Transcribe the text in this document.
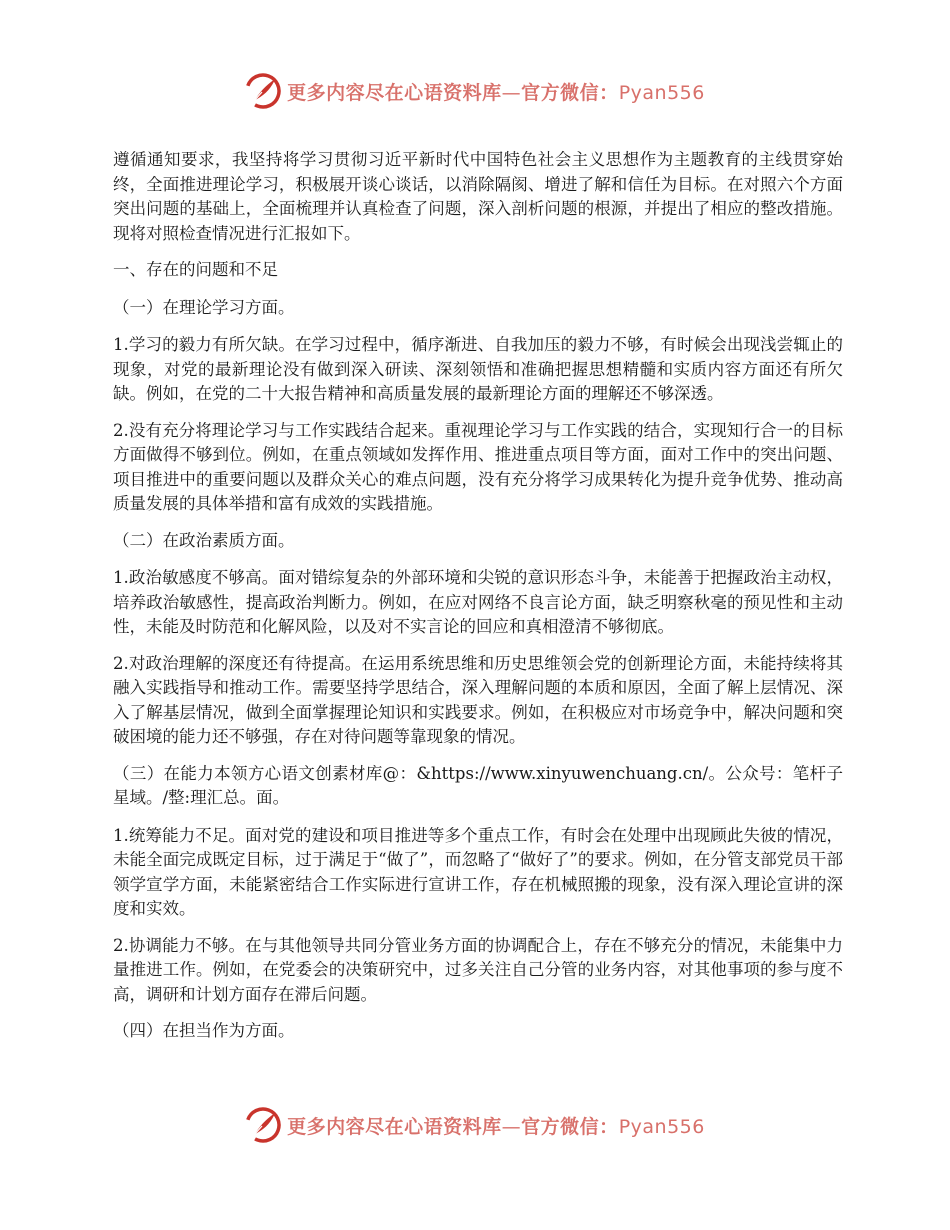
更多内容尽在心语资料库—官方微信：Pyan556

遵循通知要求，我坚持将学习贯彻习近平新时代中国特色社会主义思想作为主题教育的主线贯穿始终，全面推进理论学习，积极展开谈心谈话，以消除隔阂、增进了解和信任为目标。在对照六个方面突出问题的基础上，全面梳理并认真检查了问题，深入剖析问题的根源，并提出了相应的整改措施。现将对照检查情况进行汇报如下。

一、存在的问题和不足

（一）在理论学习方面。

1.学习的毅力有所欠缺。在学习过程中，循序渐进、自我加压的毅力不够，有时候会出现浅尝辄止的现象，对党的最新理论没有做到深入研读、深刻领悟和准确把握思想精髓和实质内容方面还有所欠缺。例如，在党的二十大报告精神和高质量发展的最新理论方面的理解还不够深透。

2.没有充分将理论学习与工作实践结合起来。重视理论学习与工作实践的结合，实现知行合一的目标方面做得不够到位。例如，在重点领域如发挥作用、推进重点项目等方面，面对工作中的突出问题、项目推进中的重要问题以及群众关心的难点问题，没有充分将学习成果转化为提升竞争优势、推动高质量发展的具体举措和富有成效的实践措施。

（二）在政治素质方面。

1.政治敏感度不够高。面对错综复杂的外部环境和尖锐的意识形态斗争，未能善于把握政治主动权，培养政治敏感性，提高政治判断力。例如，在应对网络不良言论方面，缺乏明察秋毫的预见性和主动性，未能及时防范和化解风险，以及对不实言论的回应和真相澄清不够彻底。

2.对政治理解的深度还有待提高。在运用系统思维和历史思维领会党的创新理论方面，未能持续将其融入实践指导和推动工作。需要坚持学思结合，深入理解问题的本质和原因，全面了解上层情况、深入了解基层情况，做到全面掌握理论知识和实践要求。例如，在积极应对市场竞争中，解决问题和突破困境的能力还不够强，存在对待问题等靠现象的情况。

（三）在能力本领方心语文创素材库@：&https://www.xinyuwenchuang.cn/。公众号：笔杆子星域。/整:理汇总。面。

1.统筹能力不足。面对党的建设和项目推进等多个重点工作，有时会在处理中出现顾此失彼的情况，未能全面完成既定目标，过于满足于“做了”，而忽略了“做好了”的要求。例如，在分管支部党员干部领学宣学方面，未能紧密结合工作实际进行宣讲工作，存在机械照搬的现象，没有深入理论宣讲的深度和实效。

2.协调能力不够。在与其他领导共同分管业务方面的协调配合上，存在不够充分的情况，未能集中力量推进工作。例如，在党委会的决策研究中，过多关注自己分管的业务内容，对其他事项的参与度不高，调研和计划方面存在滞后问题。

（四）在担当作为方面。

更多内容尽在心语资料库—官方微信：Pyan556
